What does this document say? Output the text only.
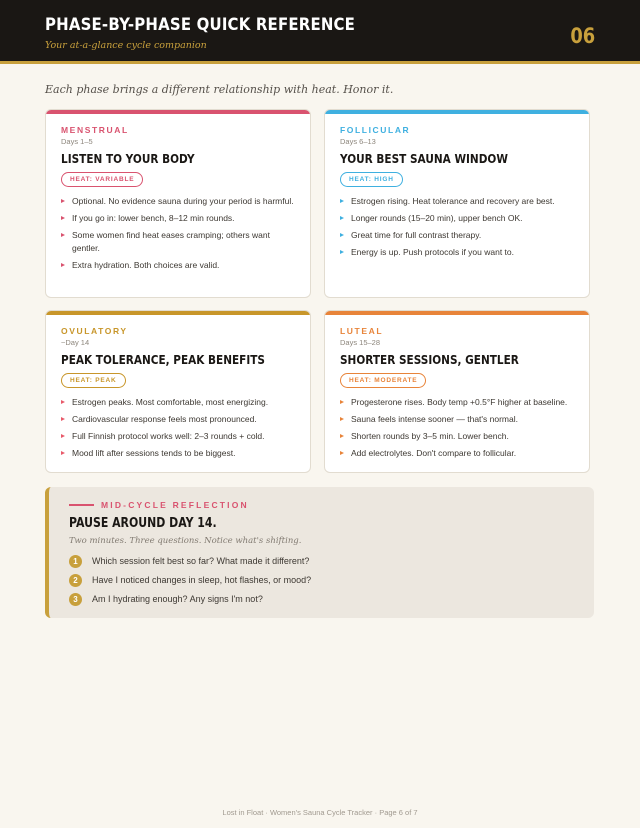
PHASE-BY-PHASE QUICK REFERENCE
Your at-a-glance cycle companion	06
Each phase brings a different relationship with heat. Honor it.
MENSTRUAL
Days 1–5
LISTEN TO YOUR BODY
HEAT: VARIABLE
Optional. No evidence sauna during your period is harmful.
If you go in: lower bench, 8–12 min rounds.
Some women find heat eases cramping; others want gentler.
Extra hydration. Both choices are valid.
FOLLICULAR
Days 6–13
YOUR BEST SAUNA WINDOW
HEAT: HIGH
Estrogen rising. Heat tolerance and recovery are best.
Longer rounds (15–20 min), upper bench OK.
Great time for full contrast therapy.
Energy is up. Push protocols if you want to.
OVULATORY
~Day 14
PEAK TOLERANCE, PEAK BENEFITS
HEAT: PEAK
Estrogen peaks. Most comfortable, most energizing.
Cardiovascular response feels most pronounced.
Full Finnish protocol works well: 2–3 rounds + cold.
Mood lift after sessions tends to be biggest.
LUTEAL
Days 15–28
SHORTER SESSIONS, GENTLER
HEAT: MODERATE
Progesterone rises. Body temp +0.5°F higher at baseline.
Sauna feels intense sooner — that's normal.
Shorten rounds by 3–5 min. Lower bench.
Add electrolytes. Don't compare to follicular.
MID-CYCLE REFLECTION
PAUSE AROUND DAY 14.
Two minutes. Three questions. Notice what's shifting.
1	Which session felt best so far? What made it different?
2	Have I noticed changes in sleep, hot flashes, or mood?
3	Am I hydrating enough? Any signs I'm not?
Lost in Float · Women's Sauna Cycle Tracker · Page 6 of 7
